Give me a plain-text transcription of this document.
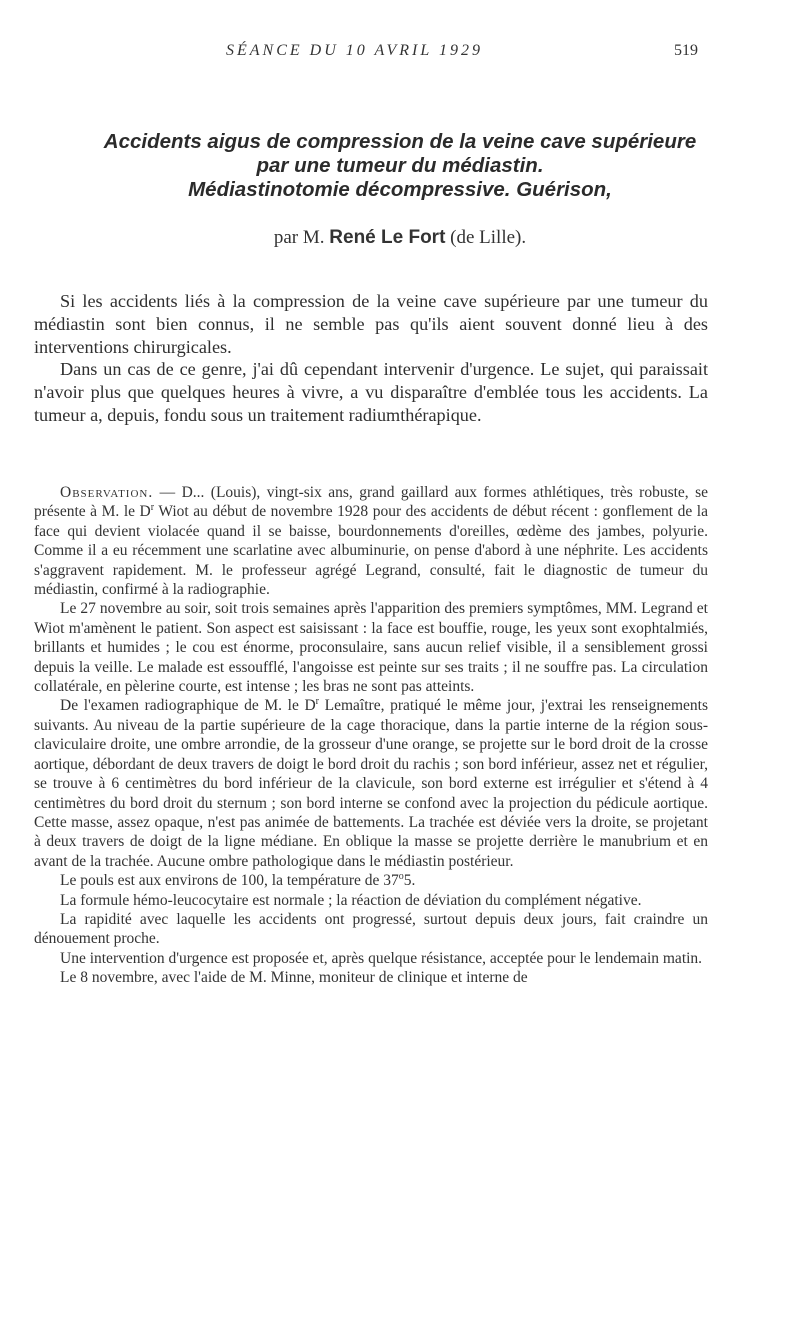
SÉANCE DU 10 AVRIL 1929	519
Accidents aigus de compression de la veine cave supérieure
par une tumeur du médiastin.
Médiastinotomie décompressive. Guérison,
par M. René Le Fort (de Lille).

Si les accidents liés à la compression de la veine cave supérieure par une tumeur du médiastin sont bien connus, il ne semble pas qu'ils aient souvent donné lieu à des interventions chirurgicales.

Dans un cas de ce genre, j'ai dû cependant intervenir d'urgence. Le sujet, qui paraissait n'avoir plus que quelques heures à vivre, a vu disparaître d'emblée tous les accidents. La tumeur a, depuis, fondu sous un traitement radiumthérapique.

Observation. — D... (Louis), vingt-six ans, grand gaillard aux formes athlétiques, très robuste, se présente à M. le $D^r$ Wiot au début de novembre 1928 pour des accidents de début récent : gonflement de la face qui devient violacée quand il se baisse, bourdonnements d'oreilles, œdème des jambes, polyurie. Comme il a eu récemment une scarlatine avec albuminurie, on pense d'abord à une néphrite. Les accidents s'aggravent rapidement. M. le professeur agrégé Legrand, consulté, fait le diagnostic de tumeur du médiastin, confirmé à la radiographie.

Le 27 novembre au soir, soit trois semaines après l'apparition des premiers symptômes, MM. Legrand et Wiot m'amènent le patient. Son aspect est saisissant : la face est bouffie, rouge, les yeux sont exophtalmiés, brillants et humides ; le cou est énorme, proconsulaire, sans aucun relief visible, il a sensiblement grossi depuis la veille. Le malade est essoufflé, l'angoisse est peinte sur ses traits ; il ne souffre pas. La circulation collatérale, en pèlerine courte, est intense ; les bras ne sont pas atteints.

De l'examen radiographique de M. le $D^r$ Lemaître, pratiqué le même jour, j'extrai les renseignements suivants. Au niveau de la partie supérieure de la cage thoracique, dans la partie interne de la région sous-claviculaire droite, une ombre arrondie, de la grosseur d'une orange, se projette sur le bord droit de la crosse aortique, débordant de deux travers de doigt le bord droit du rachis ; son bord inférieur, assez net et régulier, se trouve à 6 centimètres du bord inférieur de la clavicule, son bord externe est irrégulier et s'étend à 4 centimètres du bord droit du sternum ; son bord interne se confond avec la projection du pédicule aortique. Cette masse, assez opaque, n'est pas animée de battements. La trachée est déviée vers la droite, se projetant à deux travers de doigt de la ligne médiane. En oblique la masse se projette derrière le manubrium et en avant de la trachée. Aucune ombre pathologique dans le médiastin postérieur.

Le pouls est aux environs de 100, la température de 37$^o$5.

La formule hémo-leucocytaire est normale ; la réaction de déviation du complément négative.

La rapidité avec laquelle les accidents ont progressé, surtout depuis deux jours, fait craindre un dénouement proche.

Une intervention d'urgence est proposée et, après quelque résistance, acceptée pour le lendemain matin.

Le 8 novembre, avec l'aide de M. Minne, moniteur de clinique et interne de
